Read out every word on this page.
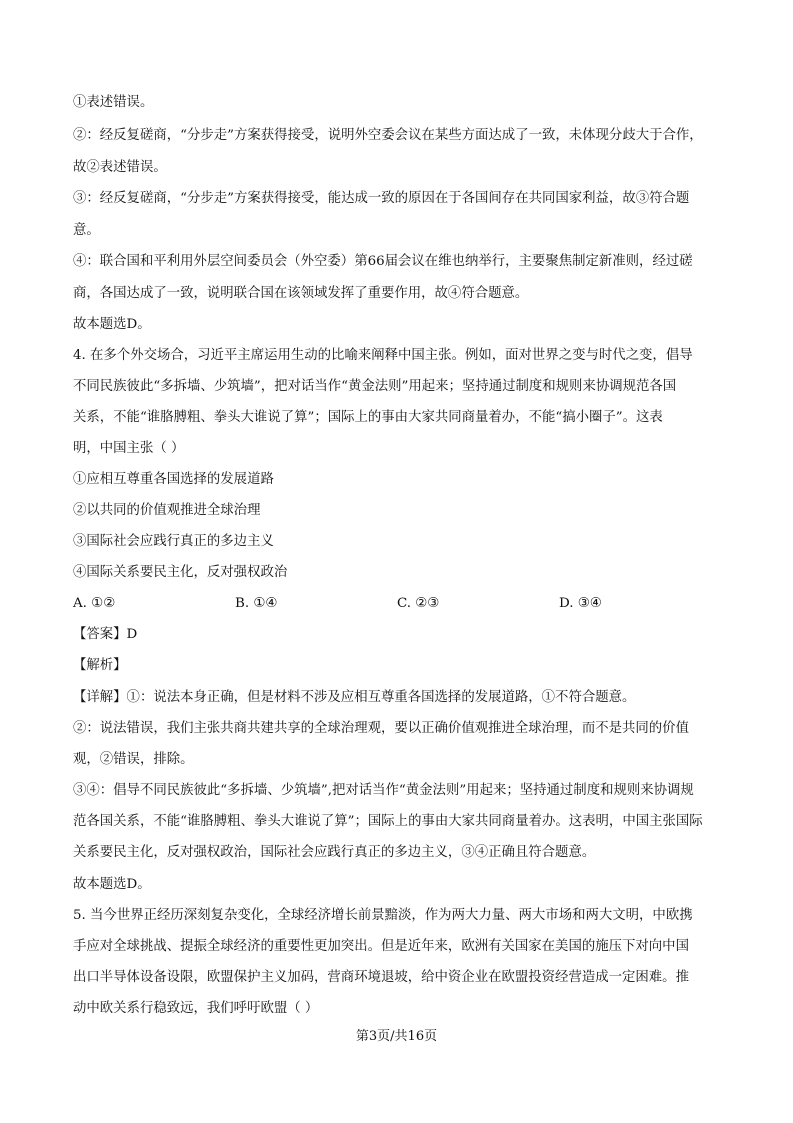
①表述错误。
②：经反复磋商，“分步走”方案获得接受，说明外空委会议在某些方面达成了一致，未体现分歧大于合作，
故②表述错误。
③：经反复磋商，“分步走”方案获得接受，能达成一致的原因在于各国间存在共同国家利益，故③符合题
意。
④：联合国和平利用外层空间委员会（外空委）第66届会议在维也纳举行，主要聚焦制定新准则，经过磋
商，各国达成了一致，说明联合国在该领域发挥了重要作用，故④符合题意。
故本题选D。
4. 在多个外交场合，习近平主席运用生动的比喻来阐释中国主张。例如，面对世界之变与时代之变，倡导
不同民族彼此“多拆墙、少筑墙”，把对话当作“黄金法则”用起来；坚持通过制度和规则来协调规范各国
关系，不能“谁胳膊粗、拳头大谁说了算”；国际上的事由大家共同商量着办，不能“搞小圈子”。这表
明，中国主张（ ）
①应相互尊重各国选择的发展道路
②以共同的价值观推进全球治理
③国际社会应践行真正的多边主义
④国际关系要民主化，反对强权政治
A. ①②	B. ①④	C. ②③	D. ③④
【答案】D
【解析】
【详解】①：说法本身正确，但是材料不涉及应相互尊重各国选择的发展道路，①不符合题意。
②：说法错误，我们主张共商共建共享的全球治理观，要以正确价值观推进全球治理，而不是共同的价值
观，②错误，排除。
③④：倡导不同民族彼此“多拆墙、少筑墙”,把对话当作“黄金法则”用起来；坚持通过制度和规则来协调规
范各国关系，不能“谁胳膊粗、拳头大谁说了算”；国际上的事由大家共同商量着办。这表明，中国主张国际
关系要民主化，反对强权政治，国际社会应践行真正的多边主义，③④正确且符合题意。
故本题选D。
5. 当今世界正经历深刻复杂变化，全球经济增长前景黯淡，作为两大力量、两大市场和两大文明，中欧携
手应对全球挑战、提振全球经济的重要性更加突出。但是近年来，欧洲有关国家在美国的施压下对向中国
出口半导体设备设限，欧盟保护主义加码，营商环境退坡，给中资企业在欧盟投资经营造成一定困难。推
动中欧关系行稳致远，我们呼吁欧盟（ ）
第3页/共16页
